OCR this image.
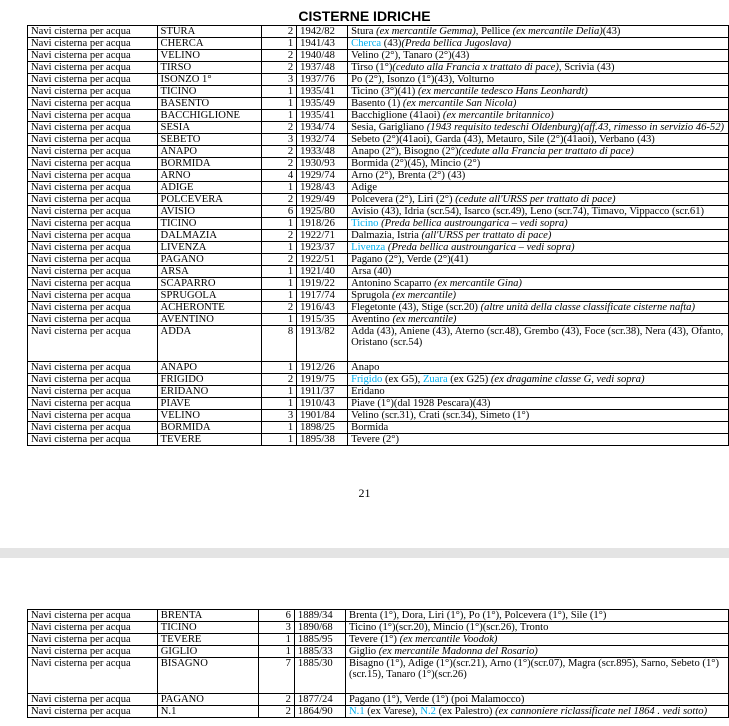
CISTERNE IDRICHE
Navi cisterna per acqua	STURA	2	1942/82	Stura (ex mercantile Gemma), Pellice (ex mercantile Delia)(43)
Navi cisterna per acqua	CHERCA	1	1941/43	Cherca (43)(Preda bellica Jugoslava)
Navi cisterna per acqua	VELINO	2	1940/48	Velino (2°), Tanaro (2°)(43)
Navi cisterna per acqua	TIRSO	2	1937/48	Tirso (1°)(ceduto alla Francia x trattato di pace), Scrivia (43)
Navi cisterna per acqua	ISONZO 1°	3	1937/76	Po (2°), Isonzo (1°)(43), Volturno
Navi cisterna per acqua	TICINO	1	1935/41	Ticino (3°)(41) (ex mercantile tedesco Hans Leonhardt)
Navi cisterna per acqua	BASENTO	1	1935/49	Basento (1) (ex mercantile San Nicola)
Navi cisterna per acqua	BACCHIGLIONE	1	1935/41	Bacchiglione (41aoi) (ex mercantile britannico)
Navi cisterna per acqua	SESIA	2	1934/74	Sesia, Garigliano (1943 requisito tedeschi Oldenburg)(aff.43, rimesso in servizio 46-52)
Navi cisterna per acqua	SEBETO	3	1932/74	Sebeto (2°)(41aoi), Garda (43), Metauro, Sile (2°)(41aoi), Verbano (43)
Navi cisterna per acqua	ANAPO	2	1933/48	Anapo (2°), Bisogno (2°)(cedute alla Francia per trattato di pace)
Navi cisterna per acqua	BORMIDA	2	1930/93	Bormida (2°)(45), Mincio (2°)
Navi cisterna per acqua	ARNO	4	1929/74	Arno (2°), Brenta (2°) (43)
Navi cisterna per acqua	ADIGE	1	1928/43	Adige
Navi cisterna per acqua	POLCEVERA	2	1929/49	Polcevera (2°), Liri (2°) (cedute all'URSS per trattato di pace)
Navi cisterna per acqua	AVISIO	6	1925/80	Avisio (43), Idria (scr.54), Isarco (scr.49), Leno (scr.74), Timavo, Vippacco (scr.61)
Navi cisterna per acqua	TICINO	1	1918/26	Ticino (Preda bellica austroungarica – vedi sopra)
Navi cisterna per acqua	DALMAZIA	2	1922/71	Dalmazia, Istria (all'URSS per trattato di pace)
Navi cisterna per acqua	LIVENZA	1	1923/37	Livenza (Preda bellica austroungarica – vedi sopra)
Navi cisterna per acqua	PAGANO	2	1922/51	Pagano (2°), Verde (2°)(41)
Navi cisterna per acqua	ARSA	1	1921/40	Arsa (40)
Navi cisterna per acqua	SCAPARRO	1	1919/22	Antonino Scaparro (ex mercantile Gina)
Navi cisterna per acqua	SPRUGOLA	1	1917/74	Sprugola (ex mercantile)
Navi cisterna per acqua	ACHERONTE	2	1916/43	Flegetonte (43), Stige (scr.20) (altre unità della classe classificate cisterne nafta)
Navi cisterna per acqua	AVENTINO	1	1915/35	Aventino (ex mercantile)
Navi cisterna per acqua	ADDA	8	1913/82	Adda (43), Aniene (43), Aterno (scr.48), Grembo (43), Foce (scr.38), Nera (43), Ofanto, Oristano (scr.54)
Navi cisterna per acqua	ANAPO	1	1912/26	Anapo
Navi cisterna per acqua	FRIGIDO	2	1919/75	Frigido (ex G5), Zuara (ex G25) (ex dragamine classe G, vedi sopra)
Navi cisterna per acqua	ERIDANO	1	1911/37	Eridano
Navi cisterna per acqua	PIAVE	1	1910/43	Piave (1°)(dal 1928 Pescara)(43)
Navi cisterna per acqua	VELINO	3	1901/84	Velino (scr.31), Crati (scr.34), Simeto (1°)
Navi cisterna per acqua	BORMIDA	1	1898/25	Bormida
Navi cisterna per acqua	TEVERE	1	1895/38	Tevere (2°)
21
Navi cisterna per acqua	BRENTA	6	1889/34	Brenta (1°), Dora, Liri (1°), Po (1°), Polcevera (1°), Sile (1°)
Navi cisterna per acqua	TICINO	3	1890/68	Ticino (1°)(scr.20), Mincio (1°)(scr.26), Tronto
Navi cisterna per acqua	TEVERE	1	1885/95	Tevere (1°) (ex mercantile Voodok)
Navi cisterna per acqua	GIGLIO	1	1885/33	Giglio (ex mercantile Madonna del Rosario)
Navi cisterna per acqua	BISAGNO	7	1885/30	Bisagno (1°), Adige (1°)(scr.21), Arno (1°)(scr.07), Magra (scr.895), Sarno, Sebeto (1°)(scr.15), Tanaro (1°)(scr.26)
Navi cisterna per acqua	PAGANO	2	1877/24	Pagano (1°), Verde (1°) (poi Malamocco)
Navi cisterna per acqua	N.1	2	1864/90	N.1 (ex Varese), N.2 (ex Palestro) (ex cannoniere riclassificate nel 1864 . vedi sotto)
